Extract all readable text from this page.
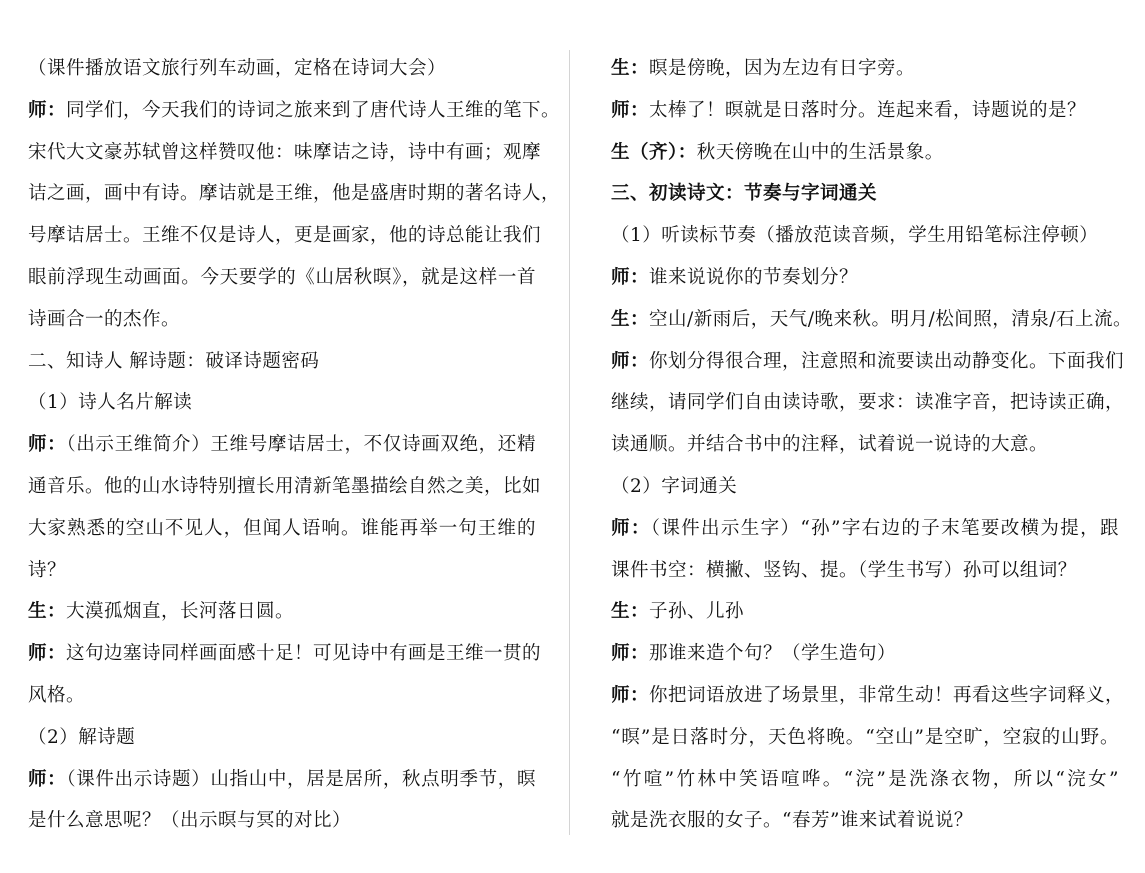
（课件播放语文旅行列车动画，定格在诗词大会）
师：同学们，今天我们的诗词之旅来到了唐代诗人王维的笔下。
宋代大文豪苏轼曾这样赞叹他：味摩诘之诗，诗中有画；观摩
诘之画，画中有诗。摩诘就是王维，他是盛唐时期的著名诗人，
号摩诘居士。王维不仅是诗人，更是画家，他的诗总能让我们
眼前浮现生动画面。今天要学的《山居秋暝》，就是这样一首
诗画合一的杰作。
二、知诗人 解诗题：破译诗题密码
（1）诗人名片解读
师：（出示王维简介）王维号摩诘居士，不仅诗画双绝，还精
通音乐。他的山水诗特别擅长用清新笔墨描绘自然之美，比如
大家熟悉的空山不见人，但闻人语响。谁能再举一句王维的
诗？
生：大漠孤烟直，长河落日圆。
师：这句边塞诗同样画面感十足！可见诗中有画是王维一贯的
风格。
（2）解诗题
师：（课件出示诗题）山指山中，居是居所，秋点明季节，暝
是什么意思呢？（出示暝与冥的对比）
生：暝是傍晚，因为左边有日字旁。
师：太棒了！暝就是日落时分。连起来看，诗题说的是？
生（齐）：秋天傍晚在山中的生活景象。
三、初读诗文：节奏与字词通关
（1）听读标节奏（播放范读音频，学生用铅笔标注停顿）
师：谁来说说你的节奏划分？
生：空山/新雨后，天气/晚来秋。明月/松间照，清泉/石上流。
师：你划分得很合理，注意照和流要读出动静变化。下面我们
继续，请同学们自由读诗歌，要求：读准字音，把诗读正确，
读通顺。并结合书中的注释，试着说一说诗的大意。
（2）字词通关
师：（课件出示生字）“孙”字右边的子末笔要改横为提，跟
课件书空：横撇、竖钩、提。（学生书写）孙可以组词？
生：子孙、儿孙
师：那谁来造个句？（学生造句）
师：你把词语放进了场景里，非常生动！再看这些字词释义，
“暝”是日落时分，天色将晚。“空山”是空旷，空寂的山野。
“竹喧”竹林中笑语喧哗。“浣”是洗涤衣物，所以“浣女”
就是洗衣服的女子。“春芳”谁来试着说说？
